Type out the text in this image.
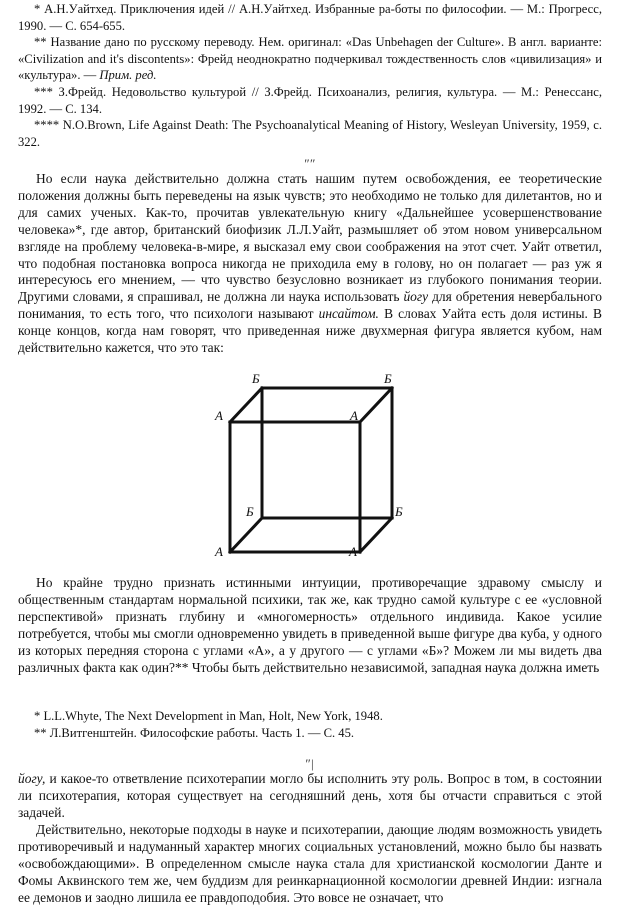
* А.Н.Уайтхед. Приключения идей // А.Н.Уайтхед. Избранные ра-боты по философии. — М.: Прогресс, 1990. — С. 654-655.

** Название дано по русскому переводу. Нем. оригинал: «Das Unbehagen der Culture». В англ. варианте: «Civilization and it's discontents»: Фрейд неоднократно подчеркивал тождественность слов «цивилизация» и «культура». — Прим. ред.

*** З.Фрейд. Недовольство культурой // З.Фрейд. Психоанализ, религия, культура. — М.: Ренессанс, 1992. — С. 134.

**** N.O.Brown, Life Against Death: The Psychoanalytical Meaning of History, Wesleyan University, 1959, с. 322.

ʺʺ

Но если наука действительно должна стать нашим путем освобождения, ее теоретические положения должны быть переведены на язык чувств; это необходимо не только для дилетантов, но и для самих ученых. Как-то, прочитав увлекательную книгу «Дальнейшее усовершенствование человека»*, где автор, британский биофизик Л.Л.Уайт, размышляет об этом новом универсальном взгляде на проблему человека-в-мире, я высказал ему свои соображения на этот счет. Уайт ответил, что подобная постановка вопроса никогда не приходила ему в голову, но он полагает — раз уж я интересуюсь его мнением, — что чувство безусловно возникает из глубокого понимания теории. Другими словами, я спрашивал, не должна ли наука использовать йогу для обретения невербального понимания, то есть того, что психологи называют инсайтом. В словах Уайта есть доля истины. В конце концов, когда нам говорят, что приведенная ниже двухмерная фигура является кубом, нам действительно кажется, что это так:

Б	Б
А	А
Б	Б
А	А

Но крайне трудно признать истинными интуиции, противоречащие здравому смыслу и общественным стандартам нормальной психики, так же, как трудно самой культуре с ее «условной перспективой» признать глубину и «многомерность» отдельного индивида. Какое усилие потребуется, чтобы мы смогли одновременно увидеть в приведенной выше фигуре два куба, у одного из которых передняя сторона с углами «А», а у другого — с углами «Б»? Можем ли мы видеть два различных факта как один?** Чтобы быть действительно независимой, западная наука должна иметь

* L.L.Whyte, The Next Development in Man, Holt, New York, 1948.

** Л.Витгенштейн. Философские работы. Часть 1. — С. 45.

ʺ|

йогу, и какое-то ответвление психотерапии могло бы исполнить эту роль. Вопрос в том, в состоянии ли психотерапия, которая существует на сегодняшний день, хотя бы отчасти справиться с этой задачей.

Действительно, некоторые подходы в науке и психотерапии, дающие людям возможность увидеть противоречивый и надуманный характер многих социальных установлений, можно было бы назвать «освобождающими». В определенном смысле наука стала для христианской космологии Данте и Фомы Аквинского тем же, чем буддизм для реинкарнационной космологии древней Индии: изгнала ее демонов и заодно лишила ее правдоподобия. Это вовсе не означает, что
